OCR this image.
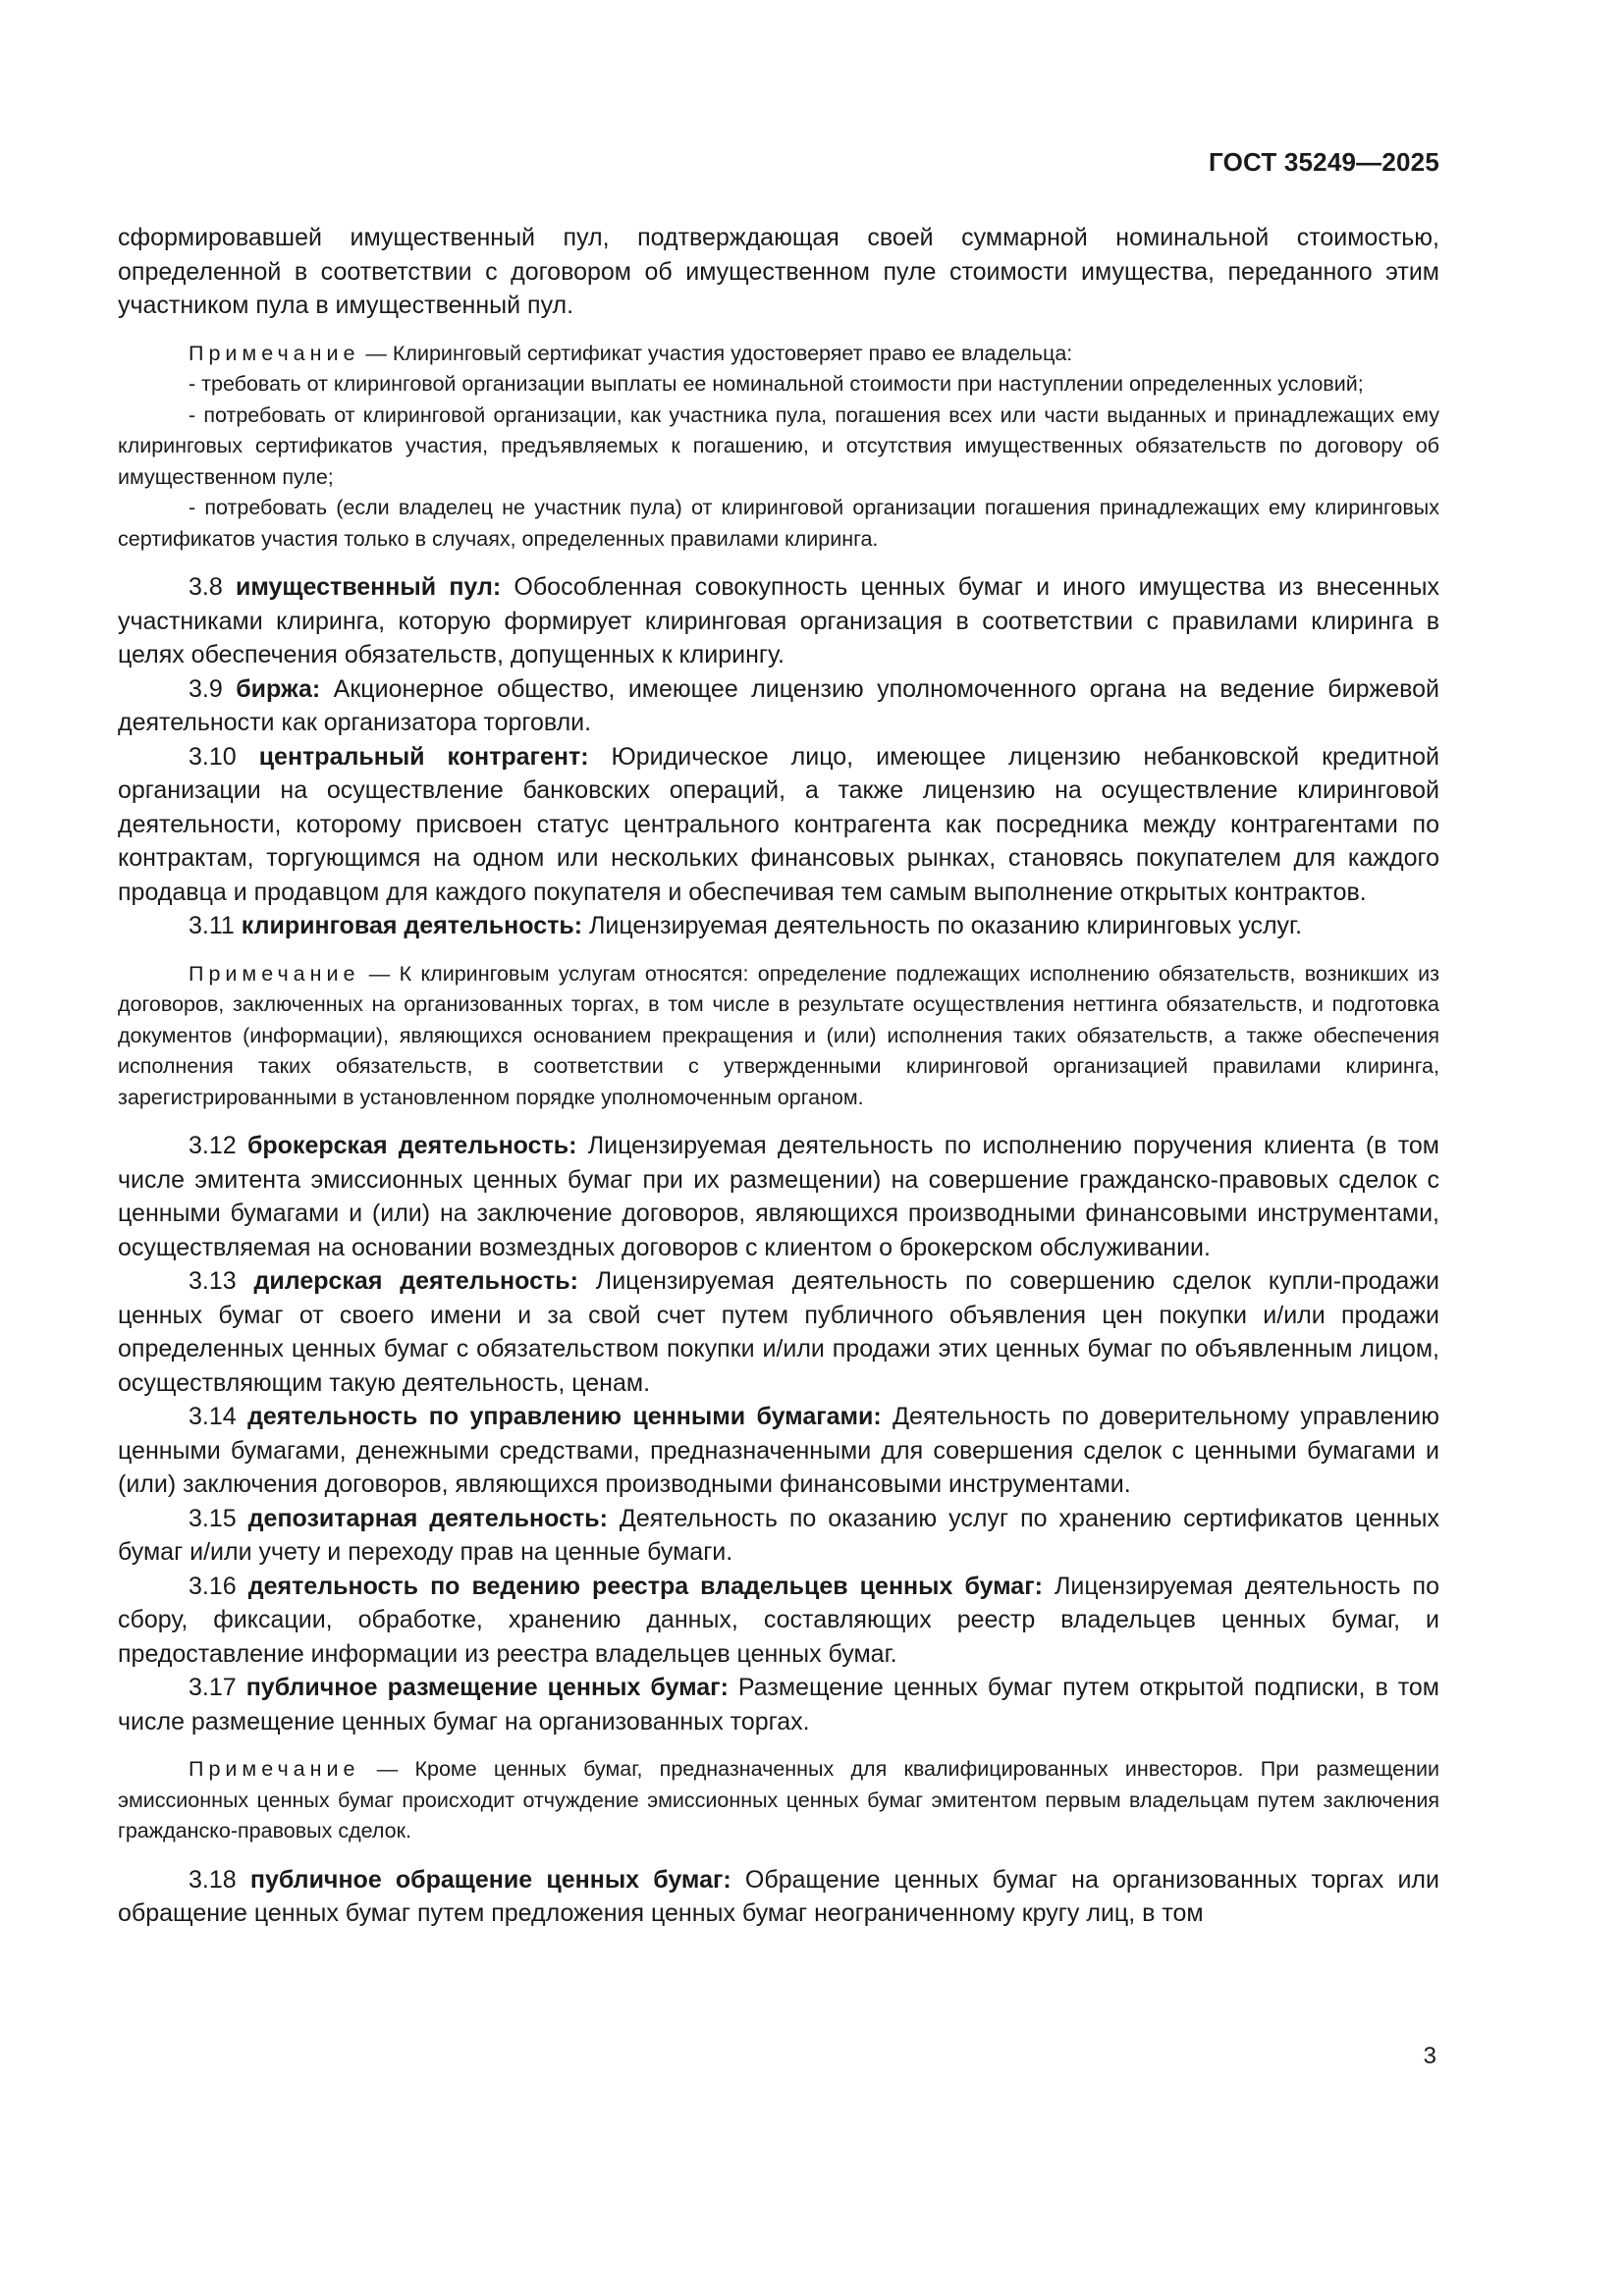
ГОСТ 35249—2025

сформировавшей имущественный пул, подтверждающая своей суммарной номинальной стоимостью, определенной в соответствии с договором об имущественном пуле стоимости имущества, переданного этим участником пула в имущественный пул.

Примечание — Клиринговый сертификат участия удостоверяет право ее владельца:

- требовать от клиринговой организации выплаты ее номинальной стоимости при наступлении определенных условий;

- потребовать от клиринговой организации, как участника пула, погашения всех или части выданных и принадлежащих ему клиринговых сертификатов участия, предъявляемых к погашению, и отсутствия имущественных обязательств по договору об имущественном пуле;

- потребовать (если владелец не участник пула) от клиринговой организации погашения принадлежащих ему клиринговых сертификатов участия только в случаях, определенных правилами клиринга.

3.8 имущественный пул: Обособленная совокупность ценных бумаг и иного имущества из внесенных участниками клиринга, которую формирует клиринговая организация в соответствии с правилами клиринга в целях обеспечения обязательств, допущенных к клирингу.

3.9 биржа: Акционерное общество, имеющее лицензию уполномоченного органа на ведение биржевой деятельности как организатора торговли.

3.10 центральный контрагент: Юридическое лицо, имеющее лицензию небанковской кредитной организации на осуществление банковских операций, а также лицензию на осуществление клиринговой деятельности, которому присвоен статус центрального контрагента как посредника между контрагентами по контрактам, торгующимся на одном или нескольких финансовых рынках, становясь покупателем для каждого продавца и продавцом для каждого покупателя и обеспечивая тем самым выполнение открытых контрактов.

3.11 клиринговая деятельность: Лицензируемая деятельность по оказанию клиринговых услуг.

Примечание — К клиринговым услугам относятся: определение подлежащих исполнению обязательств, возникших из договоров, заключенных на организованных торгах, в том числе в результате осуществления неттинга обязательств, и подготовка документов (информации), являющихся основанием прекращения и (или) исполнения таких обязательств, а также обеспечения исполнения таких обязательств, в соответствии с утвержденными клиринговой организацией правилами клиринга, зарегистрированными в установленном порядке уполномоченным органом.

3.12 брокерская деятельность: Лицензируемая деятельность по исполнению поручения клиента (в том числе эмитента эмиссионных ценных бумаг при их размещении) на совершение гражданско-правовых сделок с ценными бумагами и (или) на заключение договоров, являющихся производными финансовыми инструментами, осуществляемая на основании возмездных договоров с клиентом о брокерском обслуживании.

3.13 дилерская деятельность: Лицензируемая деятельность по совершению сделок купли-продажи ценных бумаг от своего имени и за свой счет путем публичного объявления цен покупки и/или продажи определенных ценных бумаг с обязательством покупки и/или продажи этих ценных бумаг по объявленным лицом, осуществляющим такую деятельность, ценам.

3.14 деятельность по управлению ценными бумагами: Деятельность по доверительному управлению ценными бумагами, денежными средствами, предназначенными для совершения сделок с ценными бумагами и (или) заключения договоров, являющихся производными финансовыми инструментами.

3.15 депозитарная деятельность: Деятельность по оказанию услуг по хранению сертификатов ценных бумаг и/или учету и переходу прав на ценные бумаги.

3.16 деятельность по ведению реестра владельцев ценных бумаг: Лицензируемая деятельность по сбору, фиксации, обработке, хранению данных, составляющих реестр владельцев ценных бумаг, и предоставление информации из реестра владельцев ценных бумаг.

3.17 публичное размещение ценных бумаг: Размещение ценных бумаг путем открытой подписки, в том числе размещение ценных бумаг на организованных торгах.

Примечание — Кроме ценных бумаг, предназначенных для квалифицированных инвесторов. При размещении эмиссионных ценных бумаг происходит отчуждение эмиссионных ценных бумаг эмитентом первым владельцам путем заключения гражданско-правовых сделок.

3.18 публичное обращение ценных бумаг: Обращение ценных бумаг на организованных торгах или обращение ценных бумаг путем предложения ценных бумаг неограниченному кругу лиц, в том

3
